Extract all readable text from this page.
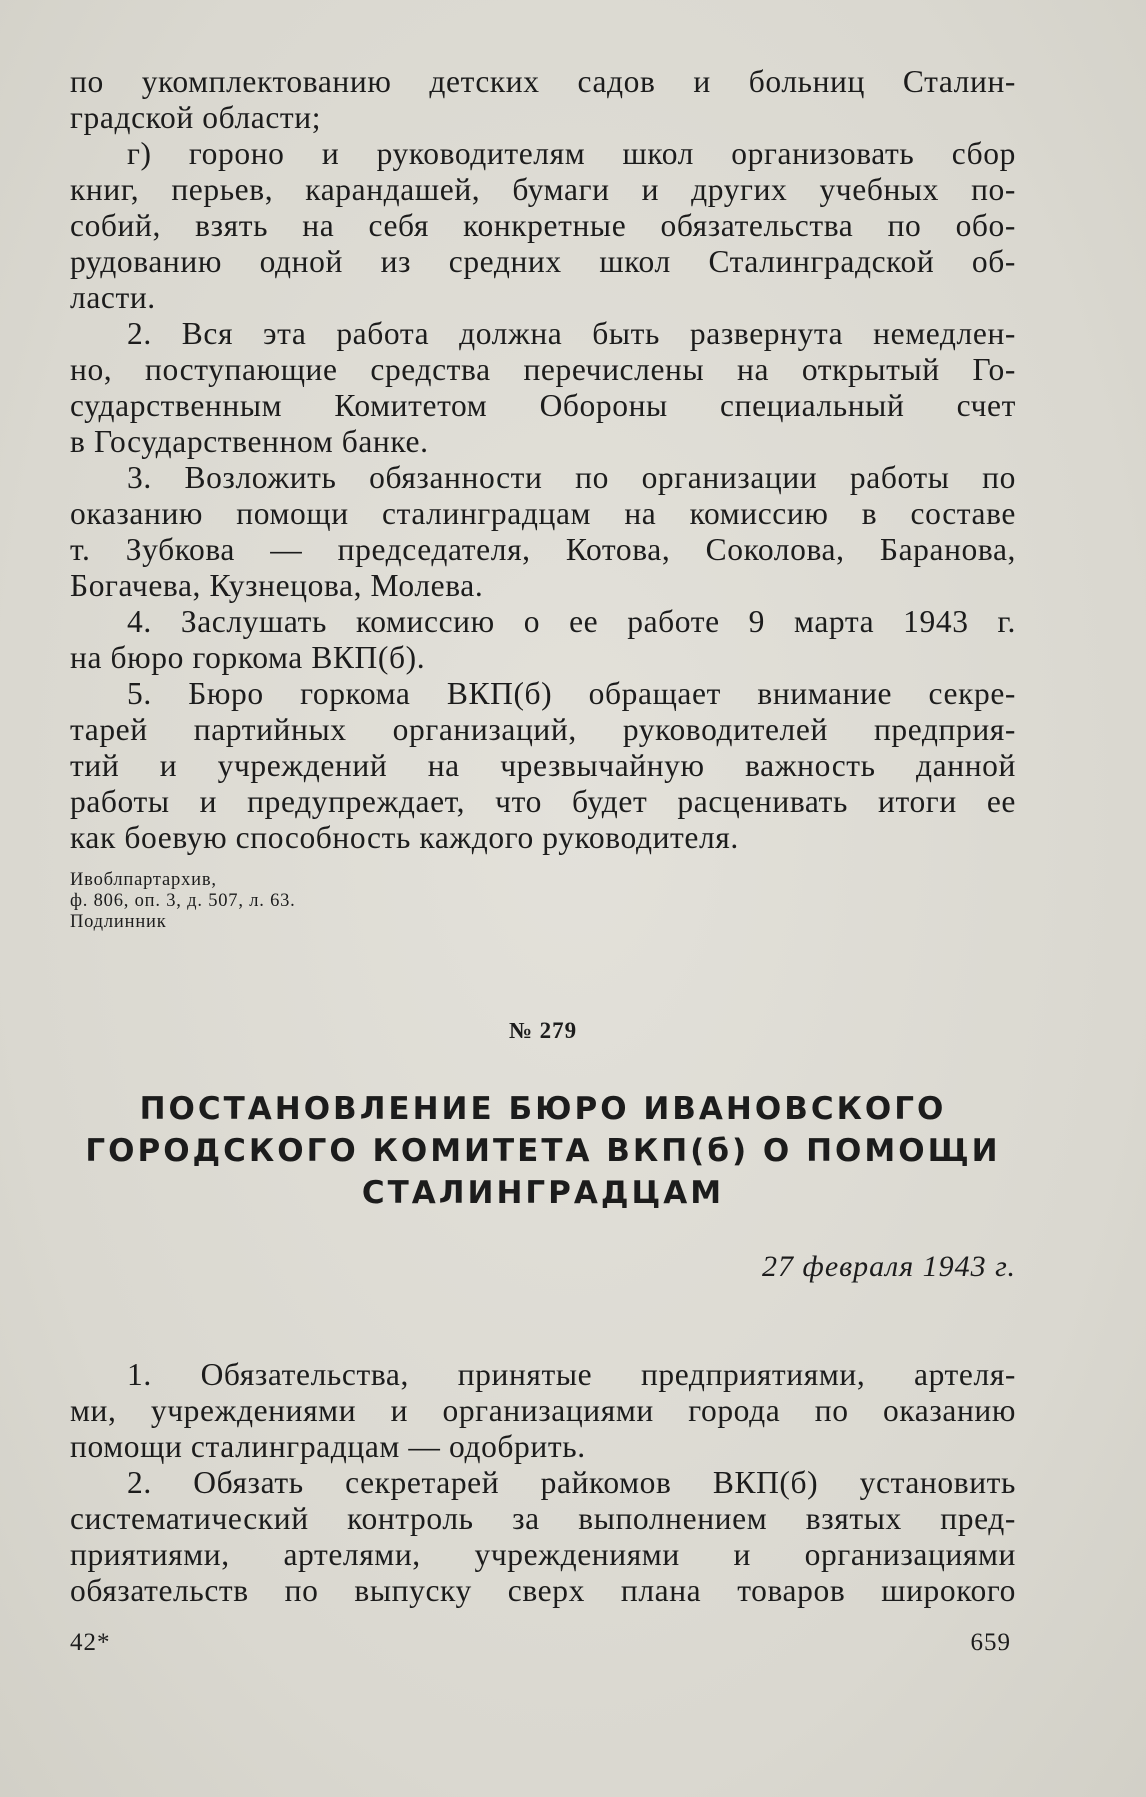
по укомплектованию детских садов и больниц Сталин-
градской области;
г) гороно и руководителям школ организовать сбор
книг, перьев, карандашей, бумаги и других учебных по-
собий, взять на себя конкретные обязательства по обо-
рудованию одной из средних школ Сталинградской об-
ласти.
2. Вся эта работа должна быть развернута немедлен-
но, поступающие средства перечислены на открытый Го-
сударственным Комитетом Обороны специальный счет
в Государственном банке.
3. Возложить обязанности по организации работы по
оказанию помощи сталинградцам на комиссию в составе
т. Зубкова — председателя, Котова, Соколова, Баранова,
Богачева, Кузнецова, Молева.
4. Заслушать комиссию о ее работе 9 марта 1943 г.
на бюро горкома ВКП(б).
5. Бюро горкома ВКП(б) обращает внимание секре-
тарей партийных организаций, руководителей предприя-
тий и учреждений на чрезвычайную важность данной
работы и предупреждает, что будет расценивать итоги ее
как боевую способность каждого руководителя.
Ивоблпартархив,
ф. 806, оп. 3, д. 507, л. 63.
Подлинник
№ 279
ПОСТАНОВЛЕНИЕ БЮРО ИВАНОВСКОГО
ГОРОДСКОГО КОМИТЕТА ВКП(б) О ПОМОЩИ
СТАЛИНГРАДЦАМ
27 февраля 1943 г.
1. Обязательства, принятые предприятиями, артеля-
ми, учреждениями и организациями города по оказанию
помощи сталинградцам — одобрить.
2. Обязать секретарей райкомов ВКП(б) установить
систематический контроль за выполнением взятых пред-
приятиями, артелями, учреждениями и организациями
обязательств по выпуску сверх плана товаров широкого
42*	659
